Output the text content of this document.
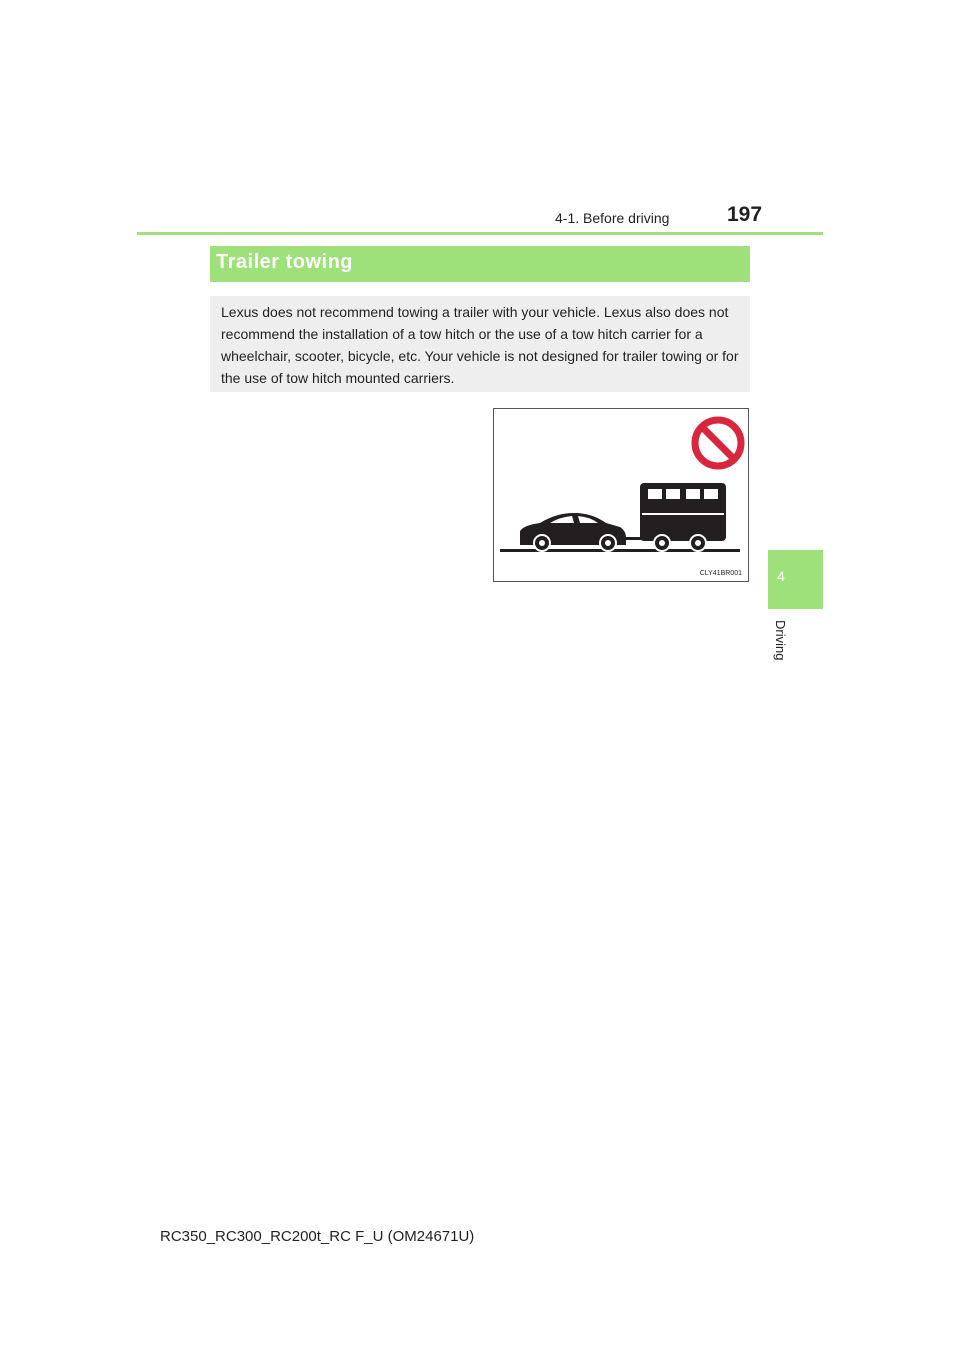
4-1. Before driving	197
4
Driving
Trailer towing
Lexus does not recommend towing a trailer with your vehicle. Lexus also does not recommend the installation of a tow hitch or the use of a tow hitch carrier for a wheelchair, scooter, bicycle, etc. Your vehicle is not designed for trailer towing or for the use of tow hitch mounted carriers.
CLY41BR001
RC350_RC300_RC200t_RC F_U (OM24671U)
